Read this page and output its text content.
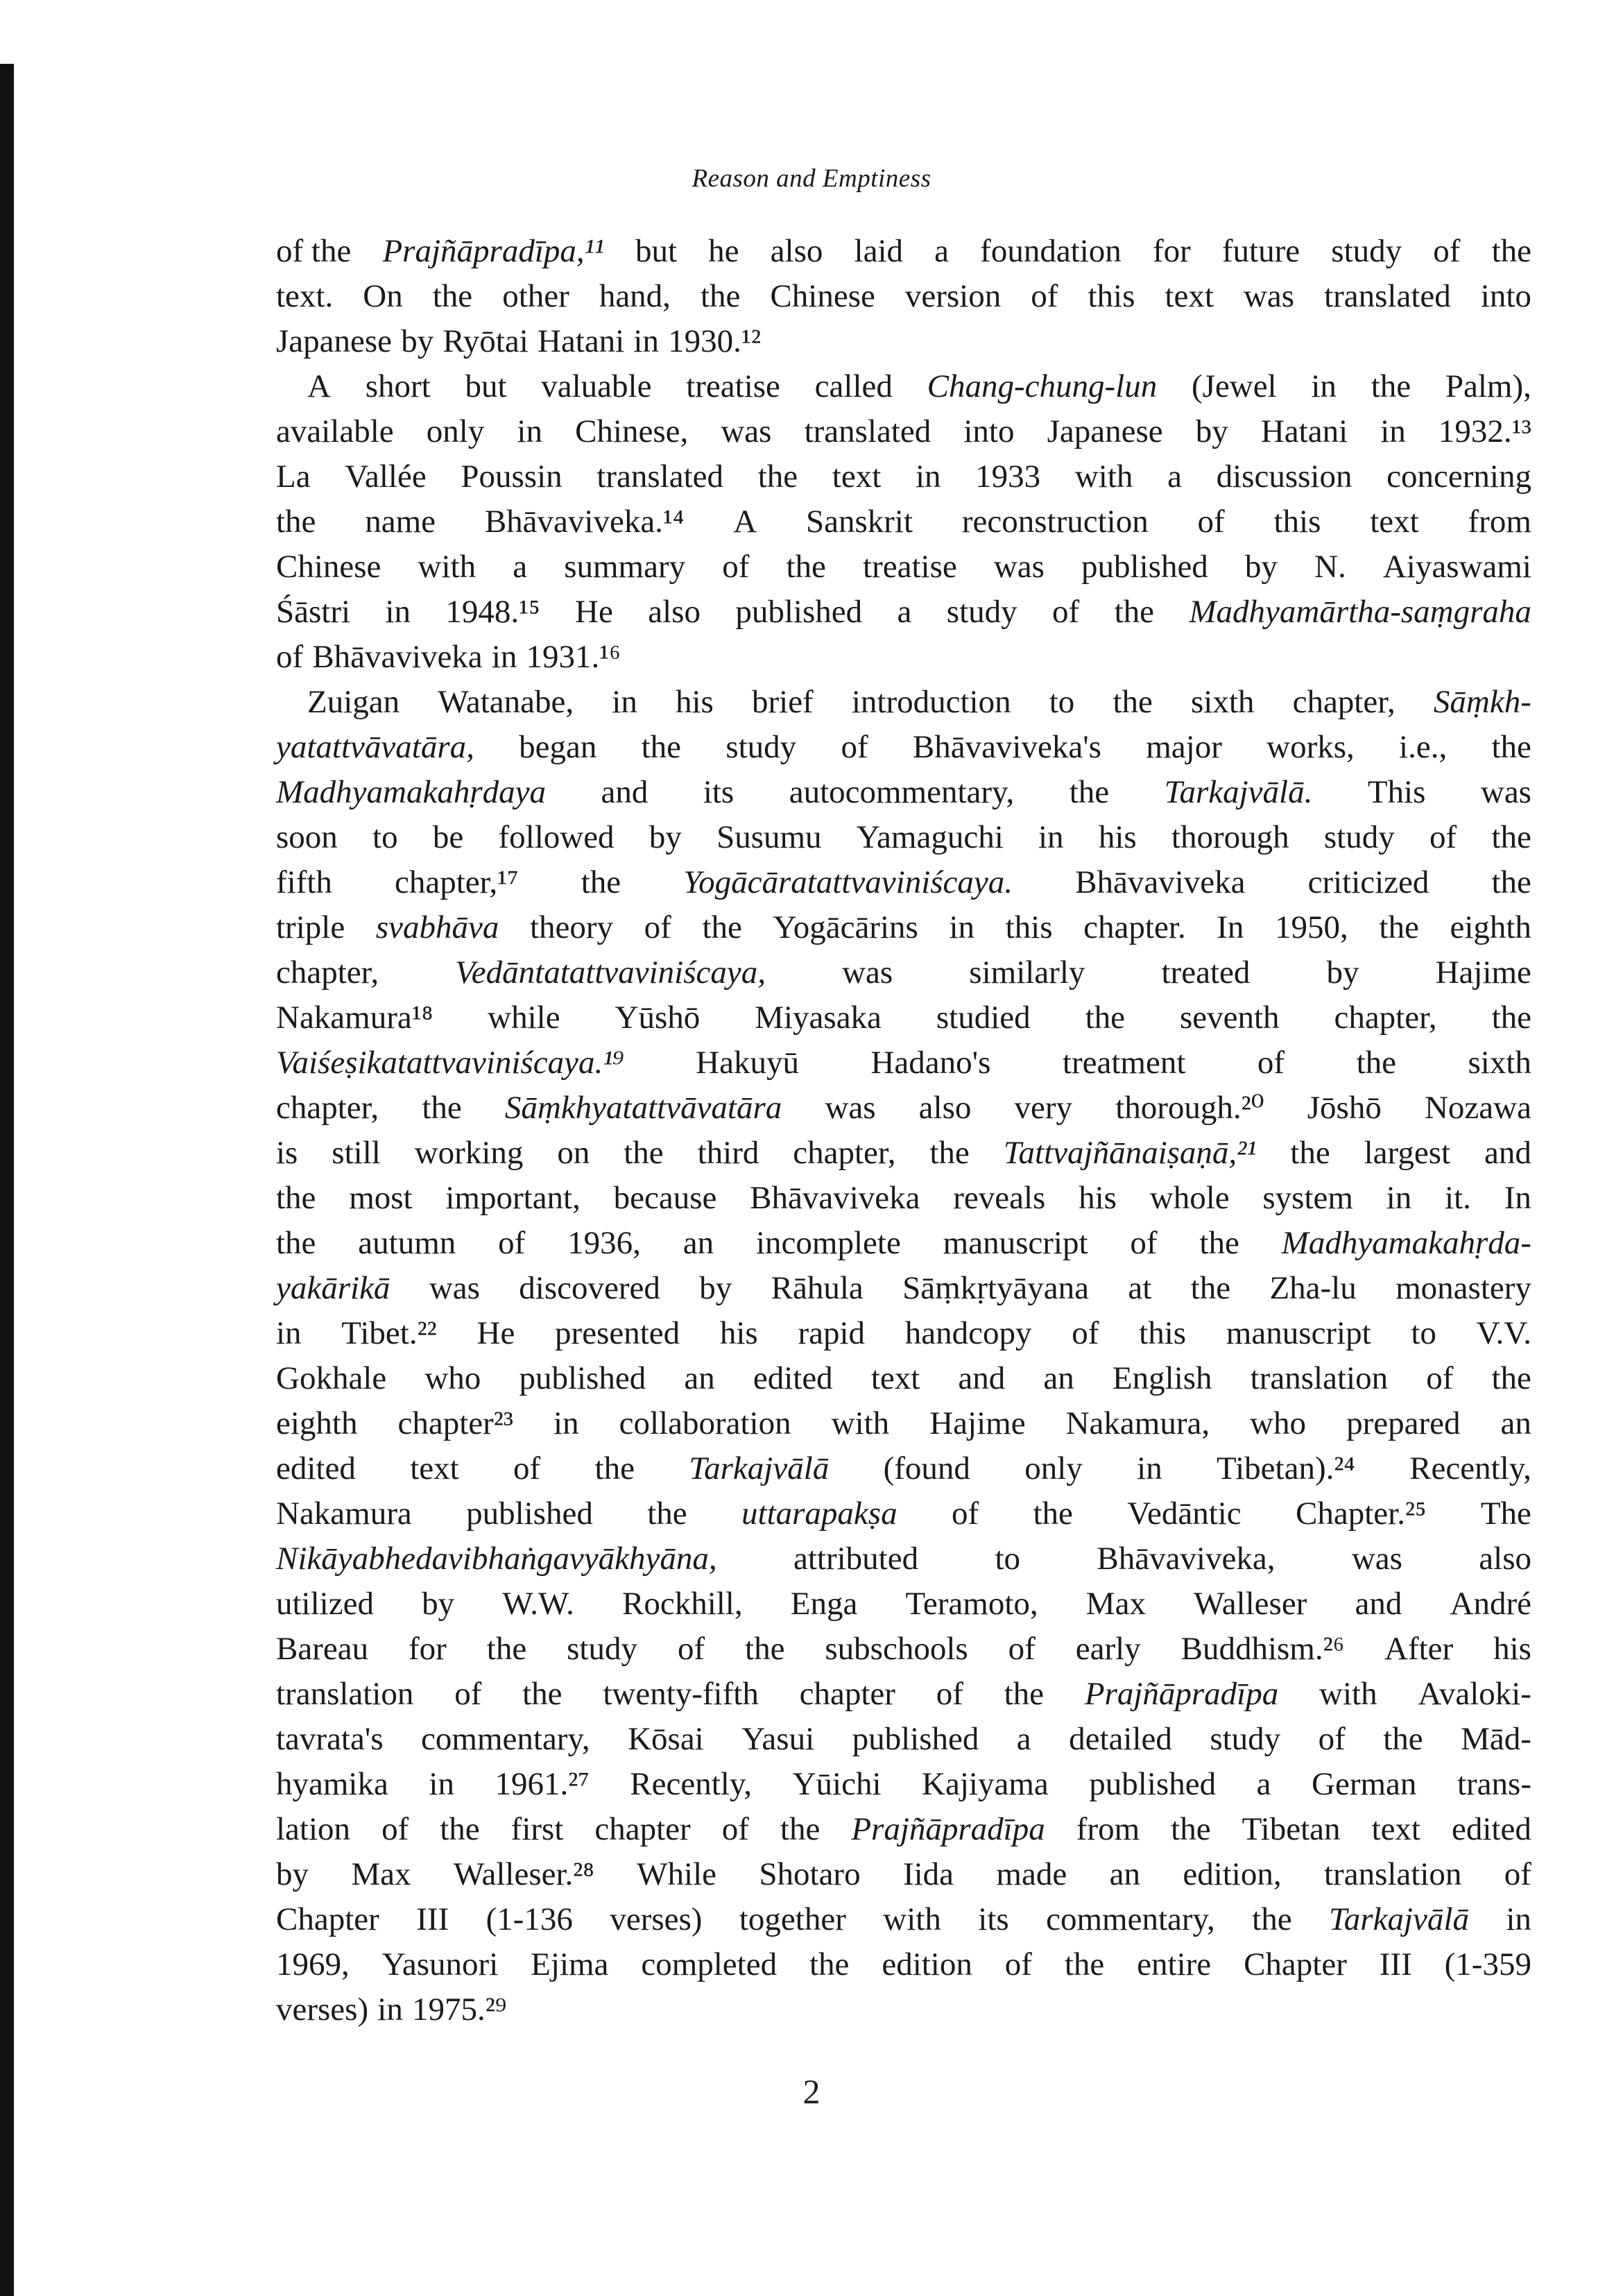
Reason and Emptiness
of the Prajñāpradīpa,¹¹ but he also laid a foundation for future study of the
text. On the other hand, the Chinese version of this text was translated into
Japanese by Ryōtai Hatani in 1930.¹²
A short but valuable treatise called Chang-chung-lun (Jewel in the Palm),
available only in Chinese, was translated into Japanese by Hatani in 1932.¹³
La Vallée Poussin translated the text in 1933 with a discussion concerning
the name Bhāvaviveka.¹⁴ A Sanskrit reconstruction of this text from
Chinese with a summary of the treatise was published by N. Aiyaswami
Śāstri in 1948.¹⁵ He also published a study of the Madhyamārtha-saṃgraha
of Bhāvaviveka in 1931.¹⁶
Zuigan Watanabe, in his brief introduction to the sixth chapter, Sāṃkh-
yatattvāvatāra, began the study of Bhāvaviveka's major works, i.e., the
Madhyamakahṛdaya and its autocommentary, the Tarkajvālā. This was
soon to be followed by Susumu Yamaguchi in his thorough study of the
fifth chapter,¹⁷ the Yogācāratattvaviniścaya. Bhāvaviveka criticized the
triple svabhāva theory of the Yogācārins in this chapter. In 1950, the eighth
chapter, Vedāntatattvaviniścaya, was similarly treated by Hajime
Nakamura¹⁸ while Yūshō Miyasaka studied the seventh chapter, the
Vaiśeṣikatattvaviniścaya.¹⁹ Hakuyū Hadano's treatment of the sixth
chapter, the Sāṃkhyatattvāvatāra was also very thorough.²⁰ Jōshō Nozawa
is still working on the third chapter, the Tattvajñānaiṣaṇā,²¹ the largest and
the most important, because Bhāvaviveka reveals his whole system in it. In
the autumn of 1936, an incomplete manuscript of the Madhyamakahṛda-
yakārikā was discovered by Rāhula Sāṃkṛtyāyana at the Zha-lu monastery
in Tibet.²² He presented his rapid handcopy of this manuscript to V.V.
Gokhale who published an edited text and an English translation of the
eighth chapter²³ in collaboration with Hajime Nakamura, who prepared an
edited text of the Tarkajvālā (found only in Tibetan).²⁴ Recently,
Nakamura published the uttarapakṣa of the Vedāntic Chapter.²⁵ The
Nikāyabhedavibhaṅgavyākhyāna, attributed to Bhāvaviveka, was also
utilized by W.W. Rockhill, Enga Teramoto, Max Walleser and André
Bareau for the study of the subschools of early Buddhism.²⁶ After his
translation of the twenty-fifth chapter of the Prajñāpradīpa with Avaloki-
tavrata's commentary, Kōsai Yasui published a detailed study of the Mād-
hyamika in 1961.²⁷ Recently, Yūichi Kajiyama published a German trans-
lation of the first chapter of the Prajñāpradīpa from the Tibetan text edited
by Max Walleser.²⁸ While Shotaro Iida made an edition, translation of
Chapter III (1-136 verses) together with its commentary, the Tarkajvālā in
1969, Yasunori Ejima completed the edition of the entire Chapter III (1-359
verses) in 1975.²⁹
2
